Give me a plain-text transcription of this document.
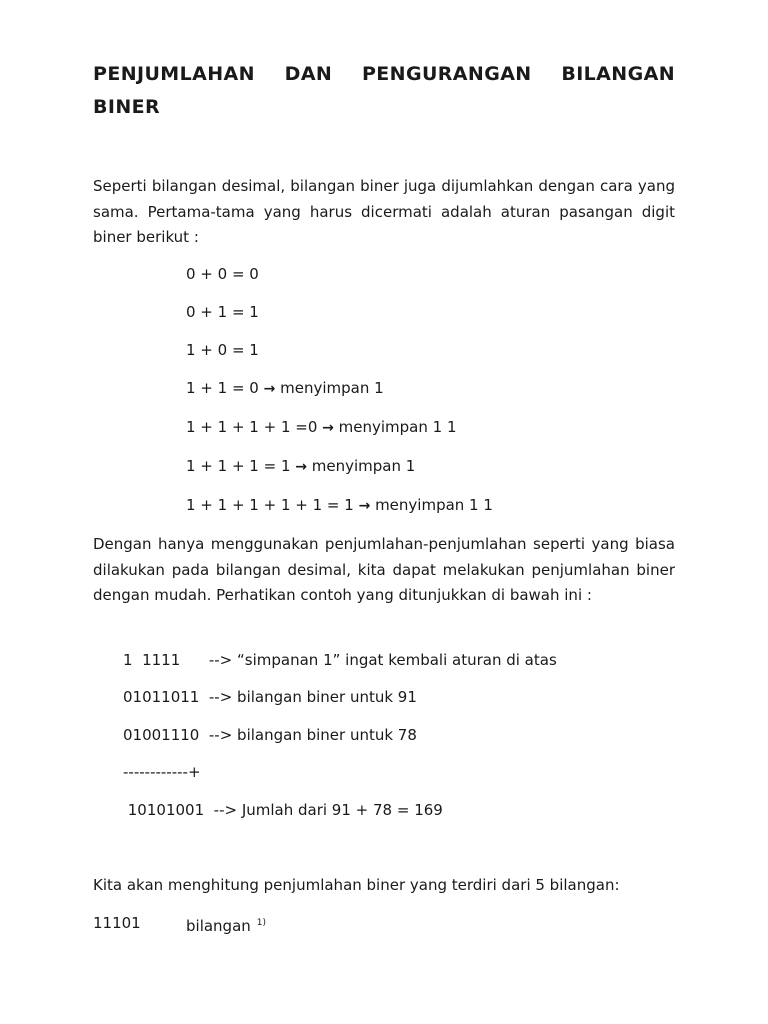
PENJUMLAHAN DAN PENGURANGAN BILANGAN BINER

Seperti bilangan desimal, bilangan biner juga dijumlahkan dengan cara yang sama. Pertama-tama yang harus dicermati adalah aturan pasangan digit biner berikut :

0 + 0 = 0

0 + 1 = 1

1 + 0 = 1

1 + 1 = 0 → menyimpan 1

1 + 1 + 1 + 1 =0 → menyimpan 1 1

1 + 1 + 1 = 1 → menyimpan 1

1 + 1 + 1 + 1 + 1 = 1 → menyimpan 1 1

Dengan hanya menggunakan penjumlahan-penjumlahan seperti yang biasa dilakukan pada bilangan desimal, kita dapat melakukan penjumlahan biner dengan mudah. Perhatikan contoh yang ditunjukkan di bawah ini :

1  1111      --> “simpanan 1” ingat kembali aturan di atas

01011011  --> bilangan biner untuk 91

01001110  --> bilangan biner untuk 78

------------+

10101001  --> Jumlah dari 91 + 78 = 169

Kita akan menghitung penjumlahan biner yang terdiri dari 5 bilangan:

11101	bilangan $^{1)}$
